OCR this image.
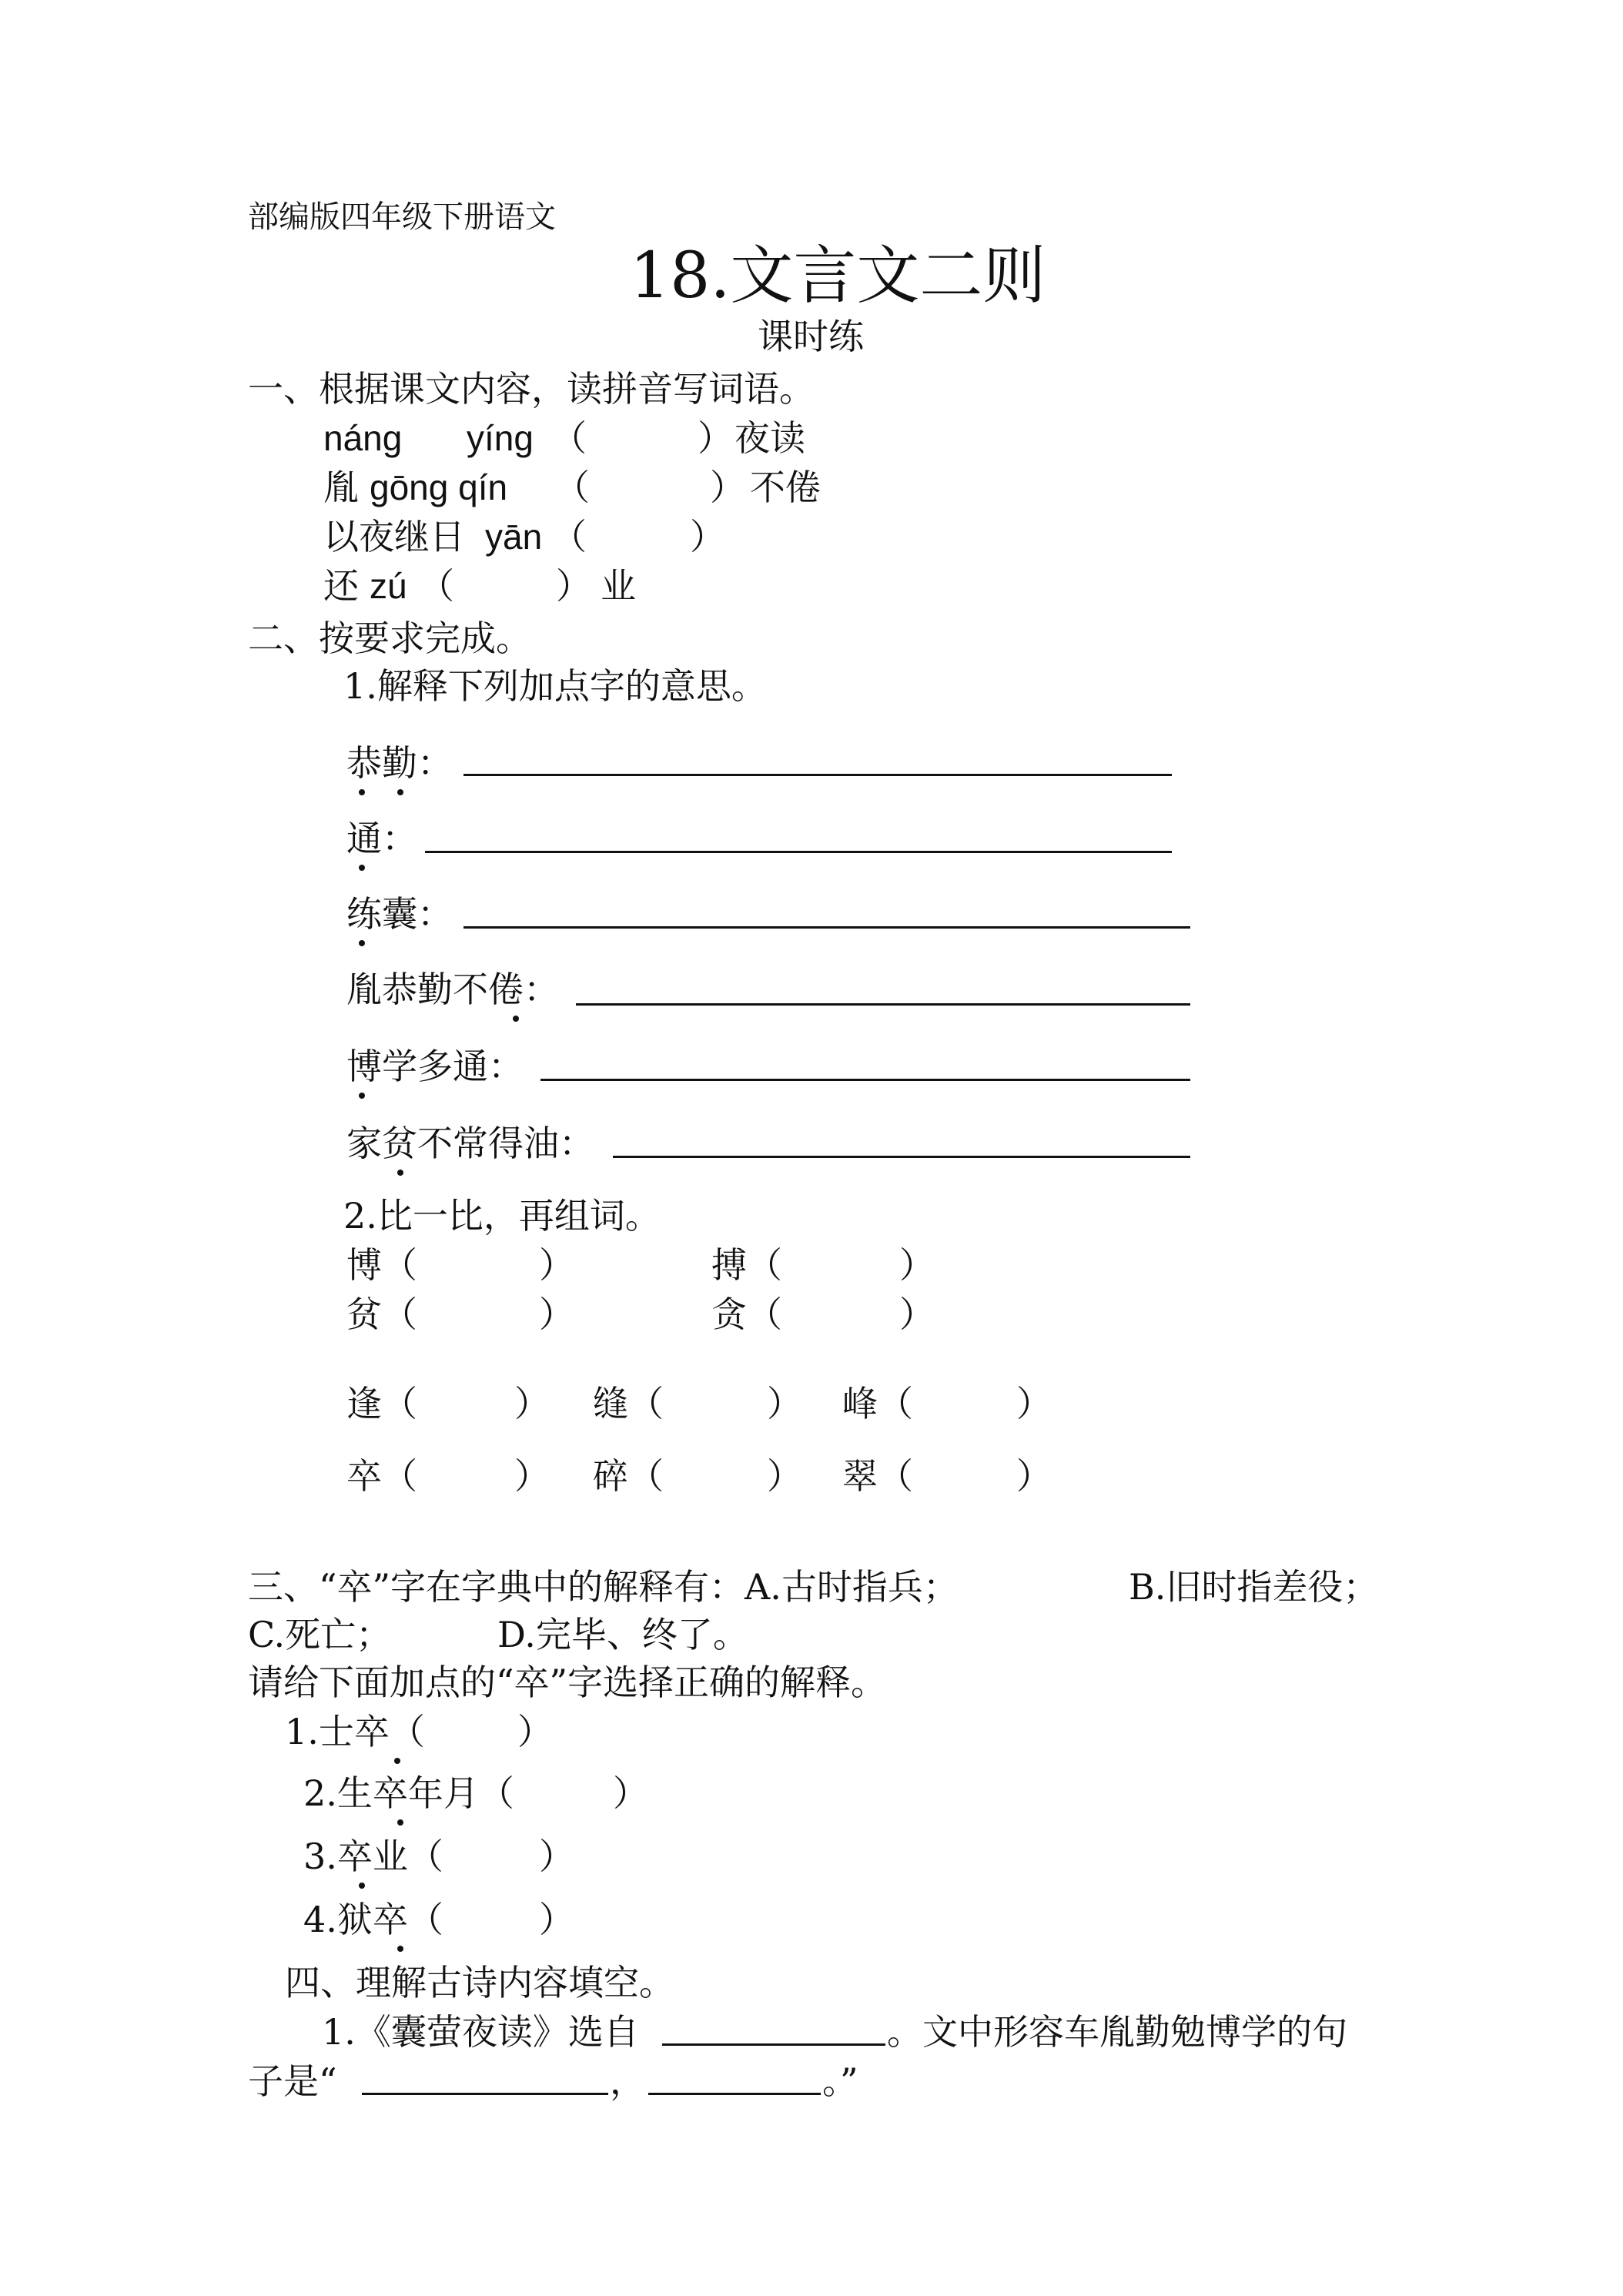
部编版四年级下册语文
18.文言文二则
课时练
一、根据课文内容，读拼音写词语。
náng yíng （	） 夜读
胤 gōng qín （	） 不倦
以夜继日 yān （	）
还 zú （	） 业
二、按要求完成。
1.解释下列加点字的意思。
恭勤：
通：
练囊：
胤恭勤不倦：
博学多通：
家贫不常得油：
2.比一比，再组词。
博（	）	搏（	）
贫（	）	贪（	）
逢（	） 缝（	） 峰（	）
卒（	） 碎（	） 翠（	）
三、“卒”字在字典中的解释有：A.古时指兵；	B.旧时指差役；
C.死亡；	D.完毕、终了。
请给下面加点的“卒”字选择正确的解释。
1.士卒（	）
2.生卒年月（	）
3.卒业（	）
4.狱卒（	）
四、理解古诗内容填空。
1.《囊萤夜读》选自	。文中形容车胤勤勉博学的句
子是“	，	。”
